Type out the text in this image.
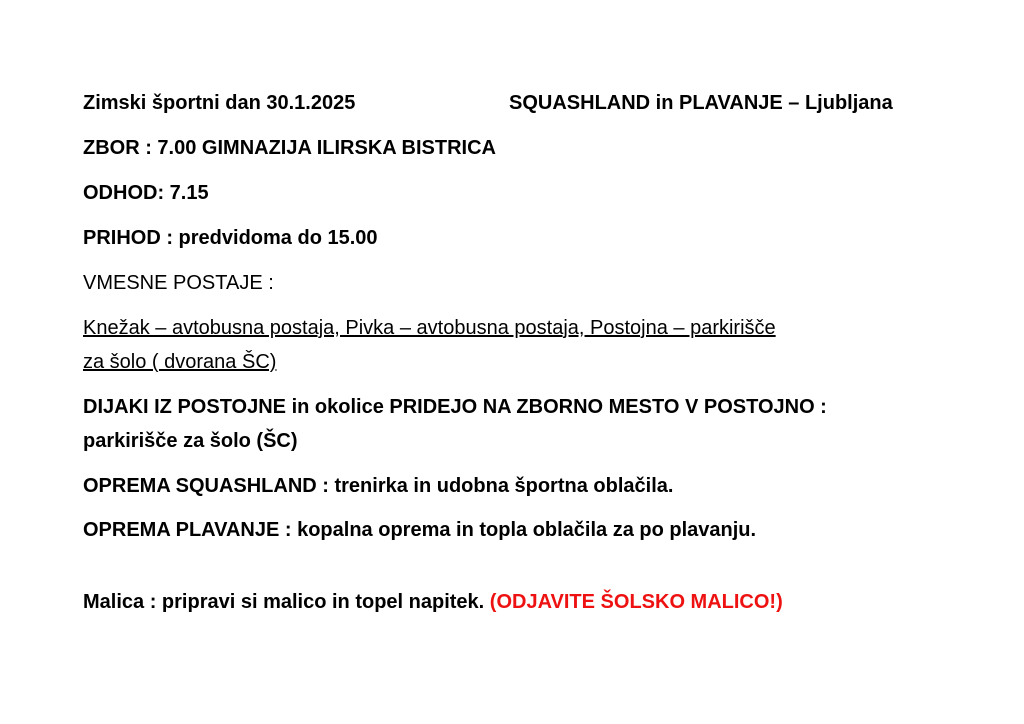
Zimski športni dan 30.1.2025	SQUASHLAND in PLAVANJE – Ljubljana

ZBOR : 7.00 GIMNAZIJA ILIRSKA BISTRICA

ODHOD: 7.15

PRIHOD : predvidoma do 15.00

VMESNE POSTAJE :

Knežak – avtobusna postaja, Pivka – avtobusna postaja, Postojna – parkirišče

za šolo ( dvorana ŠC)

DIJAKI IZ POSTOJNE in okolice PRIDEJO NA ZBORNO MESTO V POSTOJNO :

parkirišče za šolo (ŠC)

OPREMA SQUASHLAND : trenirka in udobna športna oblačila.

OPREMA PLAVANJE : kopalna oprema in topla oblačila za po plavanju.

Malica : pripravi si malico in topel napitek. (ODJAVITE ŠOLSKO MALICO!)
